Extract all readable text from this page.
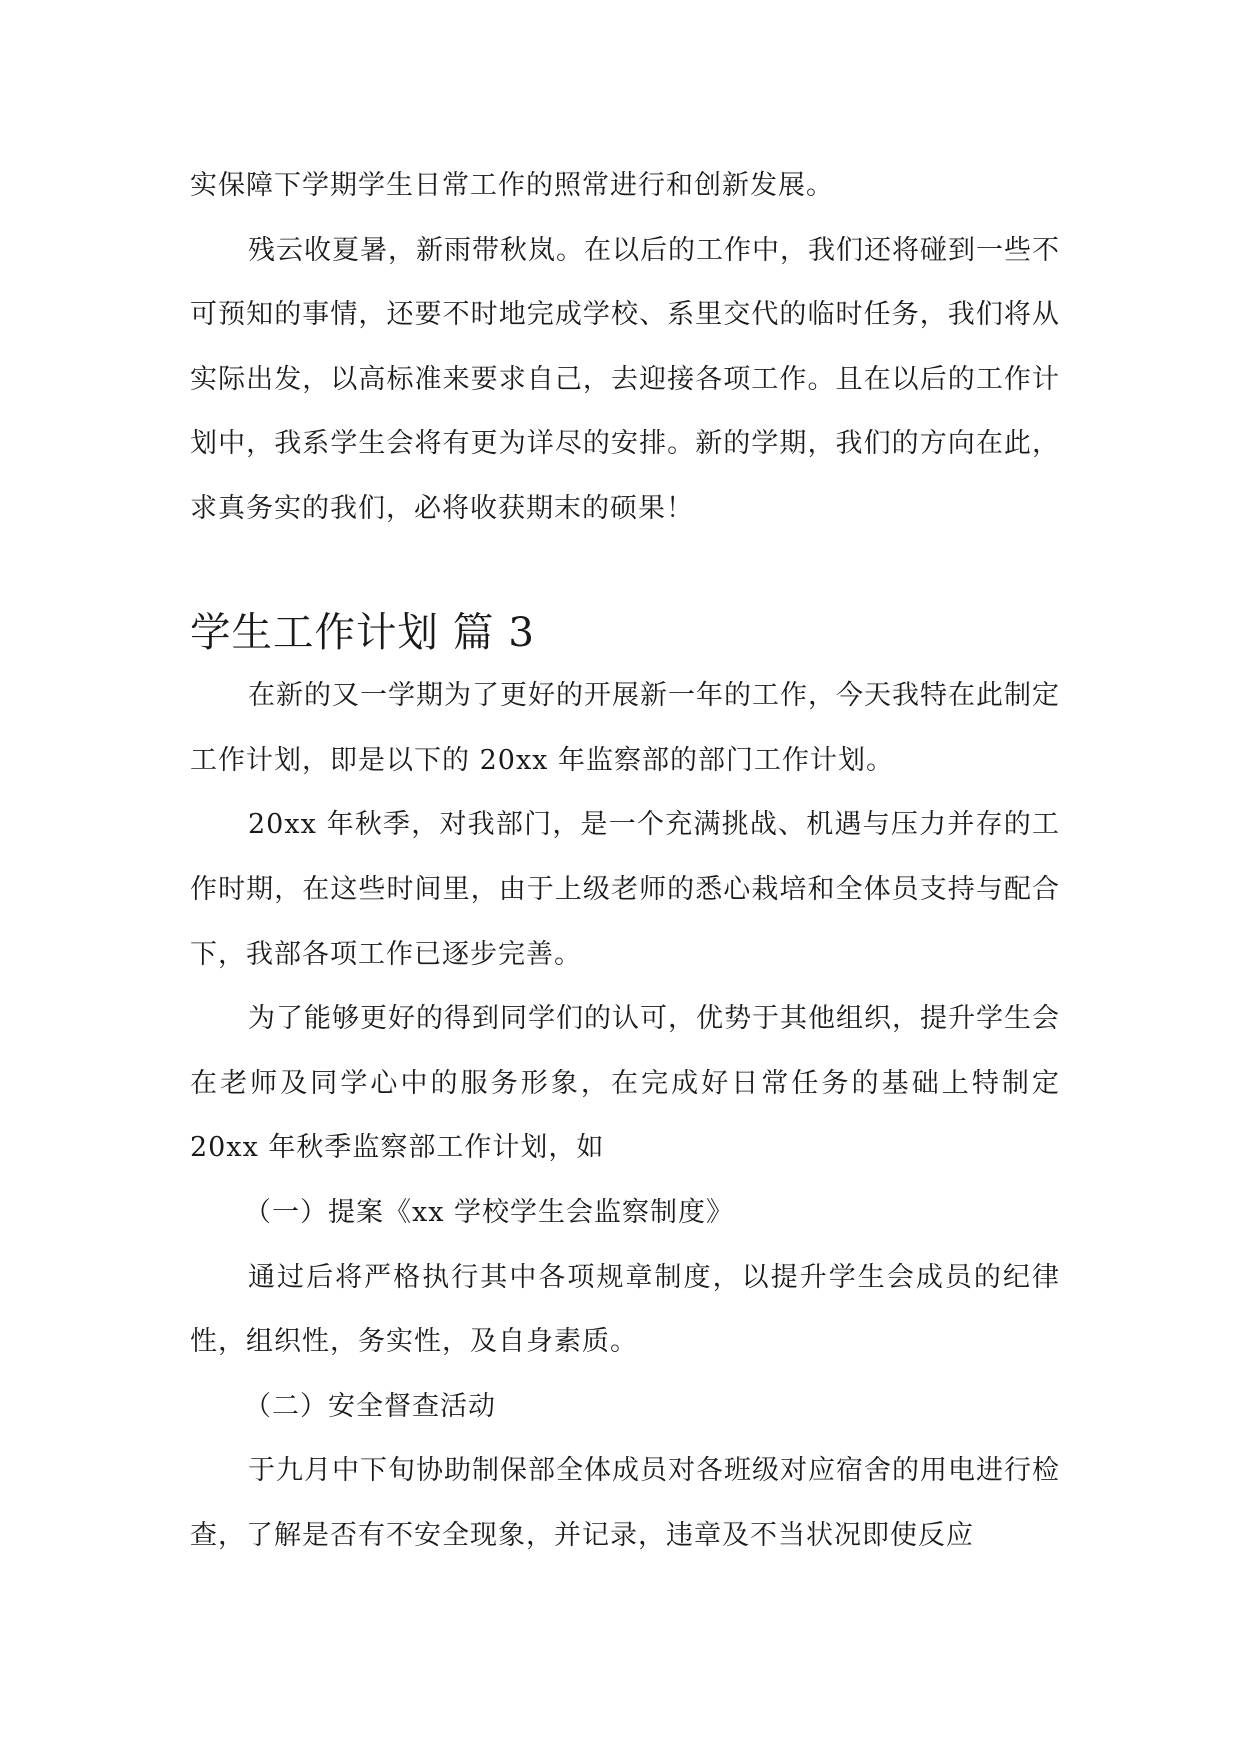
实保障下学期学生日常工作的照常进行和创新发展。

残云收夏暑，新雨带秋岚。在以后的工作中，我们还将碰到一些不可预知的事情，还要不时地完成学校、系里交代的临时任务，我们将从实际出发，以高标准来要求自己，去迎接各项工作。且在以后的工作计划中，我系学生会将有更为详尽的安排。新的学期，我们的方向在此，求真务实的我们，必将收获期末的硕果！

学生工作计划 篇 3

在新的又一学期为了更好的开展新一年的工作，今天我特在此制定工作计划，即是以下的 20xx 年监察部的部门工作计划。

20xx 年秋季，对我部门，是一个充满挑战、机遇与压力并存的工作时期，在这些时间里，由于上级老师的悉心栽培和全体员支持与配合下，我部各项工作已逐步完善。

为了能够更好的得到同学们的认可，优势于其他组织，提升学生会在老师及同学心中的服务形象，在完成好日常任务的基础上特制定 20xx 年秋季监察部工作计划，如

（一）提案《xx 学校学生会监察制度》

通过后将严格执行其中各项规章制度，以提升学生会成员的纪律性，组织性，务实性，及自身素质。

（二）安全督查活动

于九月中下旬协助制保部全体成员对各班级对应宿舍的用电进行检查，了解是否有不安全现象，并记录，违章及不当状况即使反应
